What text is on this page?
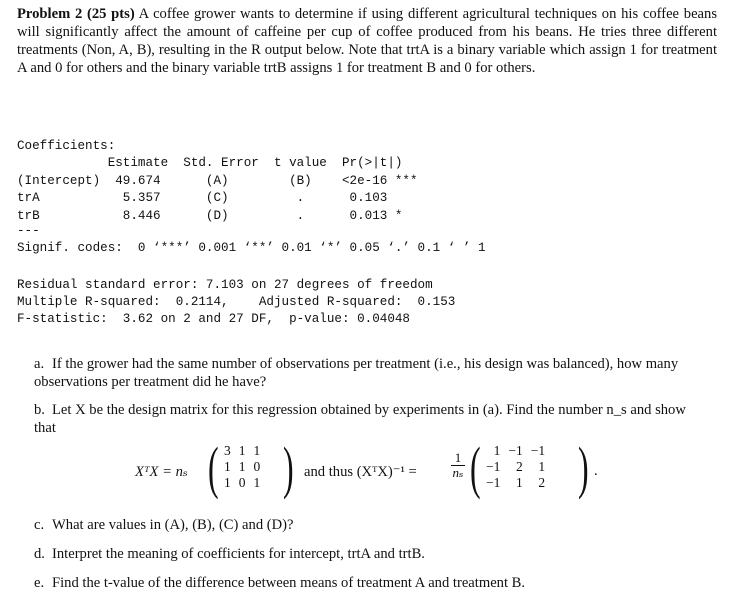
Problem 2 (25 pts) A coffee grower wants to determine if using different agricultural techniques on his coffee beans will significantly affect the amount of caffeine per cup of coffee produced from his beans. He tries three different treatments (Non, A, B), resulting in the R output below. Note that trtA is a binary variable which assign 1 for treatment A and 0 for others and the binary variable trtB assigns 1 for treatment B and 0 for others.
Coefficients:
Estimate  Std. Error  t value  Pr(>|t|)
(Intercept)  49.674      (A)        (B)    <2e-16 ***
trA           5.357      (C)         .      0.103
trB           8.446      (D)         .      0.013 *
---
Signif. codes:  0 ‘***’ 0.001 ‘**’ 0.01 ‘*’ 0.05 ‘.’ 0.1 ‘ ’ 1
Residual standard error: 7.103 on 27 degrees of freedom
Multiple R-squared:  0.2114,    Adjusted R-squared:  0.153
F-statistic:  3.62 on 2 and 27 DF,  p-value: 0.04048
a. If the grower had the same number of observations per treatment (i.e., his design was balanced), how many observations per treatment did he have?
b. Let X be the design matrix for this regression obtained by experiments in (a). Find the number n_s and show that
XᵀX = nₛ ( 3	1	1
1	1	0
1	0	1 ) and thus (XᵀX)⁻¹ =	$\frac{1}{\text{nₛ}}$ ( 1	−1	−1
−1	2	1
−1	1	2 ) .
c. What are values in (A), (B), (C) and (D)?
d. Interpret the meaning of coefficients for intercept, trtA and trtB.
e. Find the t-value of the difference between means of treatment A and treatment B.
